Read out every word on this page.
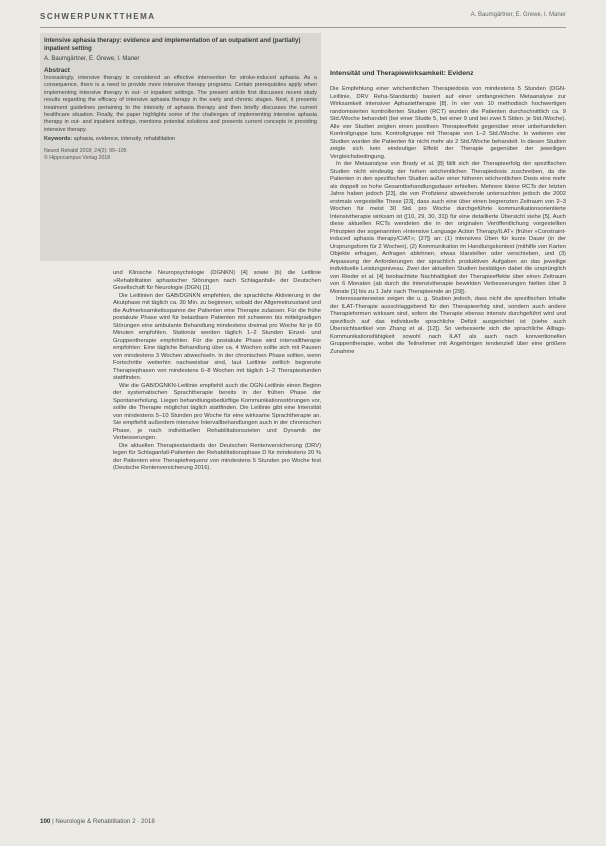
SCHWERPUNKTTHEMA	A. Baumgärtner, E. Grewe, I. Maner
Intensive aphasia therapy: evidence and implementation of an outpatient and (partially) inpatient setting
A. Baumgärtner, E. Grewe, I. Maner
Abstract
Increasingly, intensive therapy is considered an effective intervention for stroke-induced aphasia. As a consequence, there is a need to provide more intensive therapy programs. Certain prerequisites apply when implementing intensive therapy in out- or inpatient settings. The present article first discusses recent study results regarding the efficacy of intensive aphasia therapy in the early and chronic stages. Next, it presents treatment guidelines pertaining to the intensity of aphasia therapy and then briefly discusses the current healthcare situation. Finally, the paper highlights some of the challenges of implementing intensive aphasia therapy in out- and inpatient settings, mentions potential solutions and presents current concepts in providing intensive therapy.
Keywords: aphasia, evidence, intensity, rehabilitation
Neurol Rehabil 2018; 24(2): 99–105
© Hippocampus Verlag 2018

und Klinische Neuropsychologie (DGNKN) [4] sowie (b) die Leitlinie »Rehabilitation aphasischer Störungen nach Schlaganfall« der Deutschen Gesellschaft für Neurologie (DGN) [1].

Die Leitlinien der GAB/DGNKN empfehlen, die sprachliche Aktivierung in der Akutphase mit täglich ca. 30 Min. zu beginnen, sobald der Allgemeinzustand und die Aufmerksamkeitsspanne der Patienten eine Therapie zulassen. Für die frühe postakute Phase wird für belastbare Patienten mit schweren bis mittelgradigen Störungen eine ambulante Behandlung mindestens dreimal pro Woche für je 60 Minuten empfohlen. Stationär werden täglich 1–2 Stunden Einzel- und Gruppentherapie empfohlen. Für die postakute Phase wird intervalltherapie empfohlen: Eine tägliche Behandlung über ca. 4 Wochen sollte sich mit Pausen von mindestens 3 Wochen abwechseln. In der chronischen Phase sollten, wenn Fortschritte weiterhin nachweisbar sind, laut Leitlinie zeitlich begrenzte Therapiephasen von mindestens 6–8 Wochen mit täglich 1–2 Therapiestunden stattfinden.

Wie die GAB/DGNKN-Leitlinie empfiehlt auch die DGN-Leitlinie einen Beginn der systematischen Sprachtherapie bereits in der frühen Phase der Spontanerholung. Liegen behandlungsbedürftige Kommunikationsstörungen vor, sollte die Therapie möglichst täglich stattfinden. Die Leitlinie gibt eine Intensität von mindestens 5–10 Stunden pro Woche für eine wirksame Sprachtherapie an. Sie empfiehlt außerdem intensive Intervallbehandlungen auch in der chronischen Phase, je nach individuellen Rehabilitationszielen und Dynamik der Verbesserungen.

Die aktuellen Therapiestandards der Deutschen Rentenversicherung (DRV) legen für Schlaganfall-Patienten der Rehabilitationsphase D für mindestens 20 % der Patienten eine Therapiefrequenz von mindestens 5 Stunden pro Woche fest (Deutsche Rentenversicherung 2016).

Intensität und Therapiewirksamkeit: Evidenz

Die Empfehlung einer wöchentlichen Therapiedosis von mindestens 5 Stunden (DGN-Leitlinie, DRV Reha-Standards) basiert auf einer umfangreichen Metaanalyse zur Wirksamkeit intensiver Aphasietherapie [8]. In vier von 10 methodisch hochwertigen randomisierten kontrollierten Studien (RCT) wurden die Patienten durchschnittlich ca. 9 Std./Woche behandelt (bei einer Studie 5, bei einer 9 und bei zwei 5 Stden. je Std./Woche). Alle vier Studien zeigten einen positiven Therapieeffekt gegenüber einer unbehandelten Kontrollgruppe bzw. Kontrollgruppe mit Therapie von 1–2 Std./Woche. In weiteren vier Studien wurden die Patienten für nicht mehr als 2 Std./Woche behandelt. In diesen Studien zeigte sich kein eindeutiger Effekt der Therapie gegenüber der jeweiligen Vergleichsbedingung.

In der Metaanalyse von Brady et al. [8] fällt sich der Therapieerfolg der spezifischen Studien nicht eindeutig der hohen wöchentlichen Therapiedosis zuschreiben, da die Patienten in den spezifischen Studien außer einer höheren wöchentlichen Dosis eine mehr als doppelt so hohe Gesamtbehandlungsdauer erhielten. Mehrere kleine RCTs der letzten Jahre haben jedoch [23], die von Profizienz abweichende untersuchten jedoch die 2002 erstmals vorgestellte These [23], dass auch eine über einen begrenzten Zeitraum von 2–3 Wochen für meist 30 Std. pro Woche durchgeführte kommunikationsorientierte Intensivtherapie wirksam ist ([10, 29, 30, 31]) für eine detaillierte Übersicht siehe [5]. Auch diese aktuellen RCTs wendeten die in der originalen Veröffentlichung vorgestellten Prinzipien der sogenannten »Intensive Language Action Therapy/ILAT« (früher »Constraint-induced aphasia therapy/CIAT«; [27]) an: (1) intensives Üben für kurze Dauer (in der Ursprungsform für 2 Wochen), (2) Kommunikation im Handlungskontext (mithilfe von Karten Objekte erfragen, Anfragen ablehnen, etwas klarstellen oder verschieben, und (3) Anpassung der Anforderungen der sprachlich produktiven Aufgaben an das jeweilige individuelle Leistungsniveau. Zwei der aktuellen Studien bestätigen dabei die ursprünglich von Rieder et al. [4] beobachtete Nachhaltigkeit der Therapieeffekte über einen Zeitraum von 6 Monaten (ab durch die Intensivtherapie bewirkten Verbesserungen hielten über 3 Monate [1] bis zu 1 Jahr nach Therapieende an [29]).

Interessanterweise zeigen die u. g. Studien jedoch, dass nicht die spezifischen Inhalte der ILAT-Therapie ausschlaggebend für den Therapieerfolg sind, sondern auch andere Therapieformen wirksam sind, sofern die Therapie ebenso intensiv durchgeführt wird und spezifisch auf das individuelle sprachliche Defizit ausgerichtet ist (siehe auch Übersichtsartikel von Zhang et al. [12]). So verbesserte sich die sprachliche Alltags-Kommunikationsfähigkeit sowohl nach ILAT als auch nach konventionellen Gruppentherapie, wobei die Teilnehmer mit Angehörigen tendenziell über eine größere Zunahme

100 | Neurologie & Rehabilitation 2 · 2018
